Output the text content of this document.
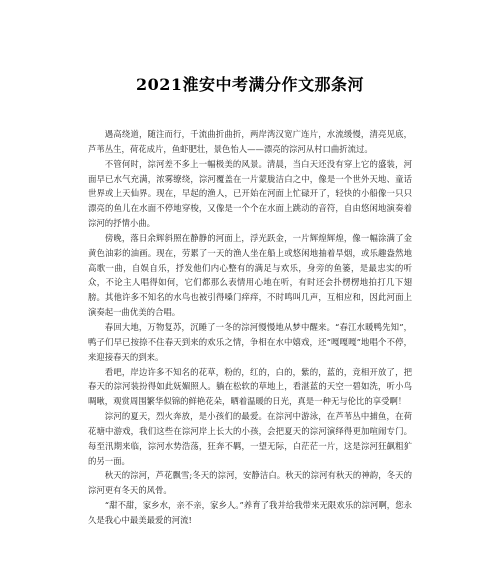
2021淮安中考满分作文那条河

遇高绕道，随注而行，千流曲折曲折，两岸湾汉宽广连片，水流缓慢，清亮见底，芦苇丛生，荷花成片，鱼虾肥壮，景色怡人——漂亮的淙河从村口曲折流过。

不管何时，淙河差不多上一幅极美的风景。清晨，当白天还没有穿上它的盛装，河面早已水气充满，浓雾缭绕，淙河覆盖在一片蒙胧洁白之中，像是一个世外天地、童话世界或上天仙界。现在，早起的渔人，已开始在河面上忙碌开了，轻快的小船像一只只漂亮的鱼儿在水面不停地穿梭，又像是一个个在水面上跳动的音符，自由悠闲地演奏着淙河的抒情小曲。

傍晚，落日余辉斜照在静静的河面上，浮光跃金，一片辉煌辉煌，像一幅涂满了金黄色油彩的油画。现在，劳累了一天的渔人坐在船上或悠闲地抽着旱烟，或乐趣盎然地高歌一曲，自娱自乐，抒发他们内心整有的满足与欢乐，身旁的鱼篓，是最忠实的听众，不论主人唱得如何，它们都那么表情用心地在听，有时还会扑楞楞地拍打几下翅膀。其他许多不知名的水鸟也被引得嗓门痒痒，不时鸣叫几声，互相应和，因此河面上演奏起一曲优美的合唱。

春回大地，万物复苏，沉睡了一冬的淙河慢慢地从梦中醒来。“春江水暖鸭先知”，鸭子们早已按捺不住春天到来的欢乐之情，争相在水中嬉戏，还“嘎嘎嘎”地唱个不停，来迎接春天的到来。

看吧，岸边许多不知名的花草，粉的，红的，白的，紫的，蓝的，竞相开放了，把春天的淙河装扮得如此妩媚照人。躺在松软的草地上，看湛蓝的天空一碧如洗，听小鸟啁啾，观赏周围繁华似锦的鲜艳花朵，晒着温暖的日光，真是一种无与伦比的享受啊！

淙河的夏天，烈火奔放，是小孩们的最爱。在淙河中游泳，在芦苇丛中捕鱼，在荷花塘中游戏，我们这些在淙河岸上长大的小孩，会把夏天的淙河演绎得更加喧闹专门。每至汛期来临，淙河水势浩荡，狂奔不羁，一望无际，白茫茫一片，这是淙河狂飙粗犷的另一面。

秋天的淙河，芦花飘雪;冬天的淙河，安静洁白。秋天的淙河有秋天的神韵，冬天的淙河更有冬天的风骨。

“甜不甜，家乡水，亲不亲，家乡人。”养育了我并给我带来无限欢乐的淙河啊，您永久是我心中最美最爱的河流!
